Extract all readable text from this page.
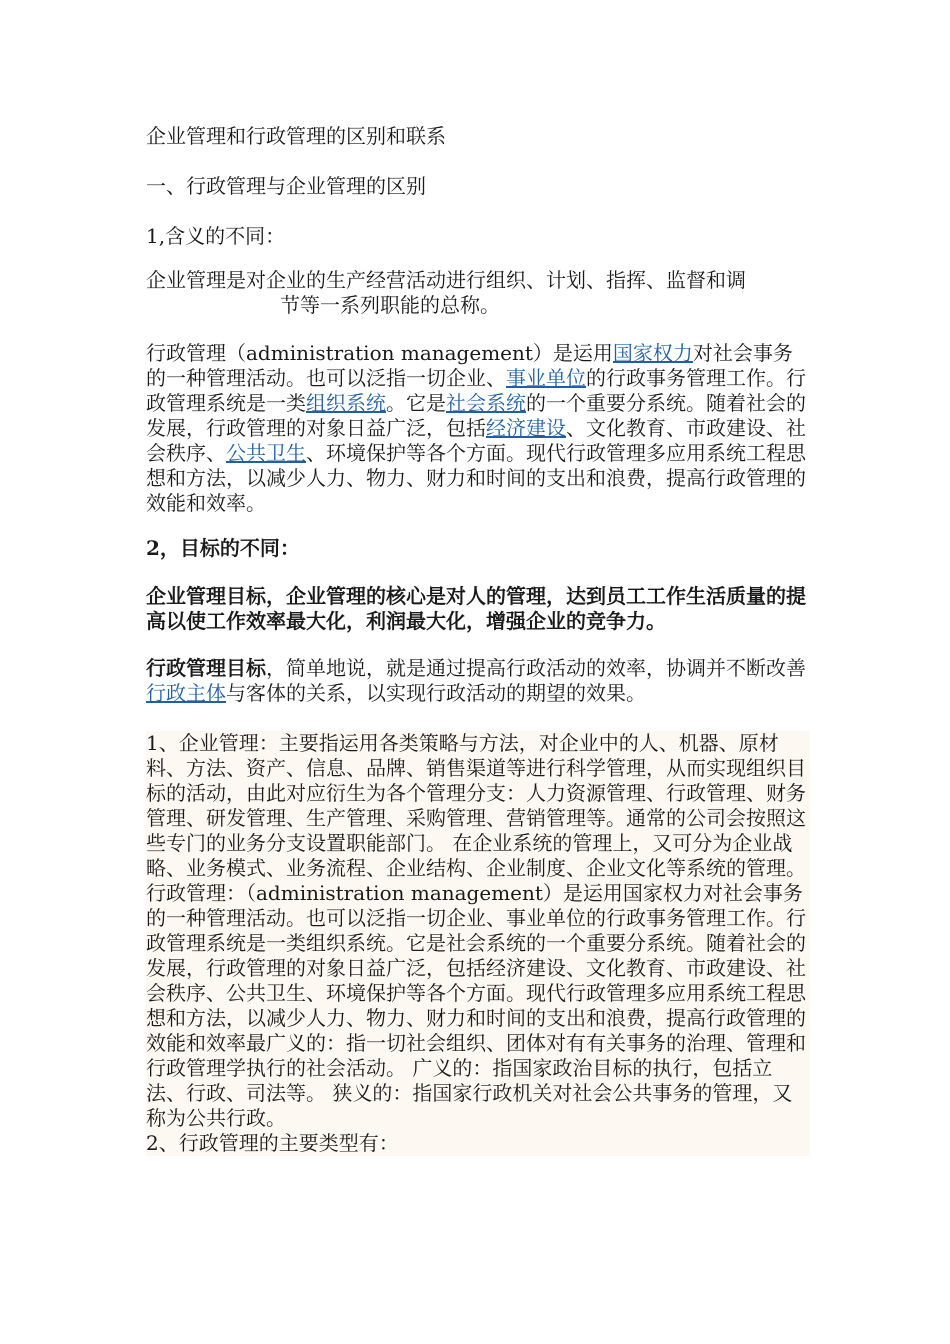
企业管理和行政管理的区别和联系

一、行政管理与企业管理的区别

1,含义的不同：

企业管理是对企业的生产经营活动进行组织、计划、指挥、监督和调

节等一系列职能的总称。

行政管理（administration management）是运用国家权力对社会事务的一种管理活动。也可以泛指一切企业、事业单位的行政事务管理工作。行政管理系统是一类组织系统。它是社会系统的一个重要分系统。随着社会的发展，行政管理的对象日益广泛，包括经济建设、文化教育、市政建设、社会秩序、公共卫生、环境保护等各个方面。现代行政管理多应用系统工程思想和方法，以减少人力、物力、财力和时间的支出和浪费，提高行政管理的效能和效率。

2，目标的不同：

企业管理目标，企业管理的核心是对人的管理，达到员工工作生活质量的提高以使工作效率最大化，利润最大化，增强企业的竞争力。

行政管理目标，简单地说，就是通过提高行政活动的效率，协调并不断改善行政主体与客体的关系，以实现行政活动的期望的效果。

1、企业管理：主要指运用各类策略与方法，对企业中的人、机器、原材料、方法、资产、信息、品牌、销售渠道等进行科学管理，从而实现组织目标的活动，由此对应衍生为各个管理分支：人力资源管理、行政管理、财务管理、研发管理、生产管理、采购管理、营销管理等。通常的公司会按照这些专门的业务分支设置职能部门。 在企业系统的管理上，又可分为企业战略、业务模式、业务流程、企业结构、企业制度、企业文化等系统的管理。

行政管理：（administration management）是运用国家权力对社会事务的一种管理活动。也可以泛指一切企业、事业单位的行政事务管理工作。行政管理系统是一类组织系统。它是社会系统的一个重要分系统。随着社会的发展，行政管理的对象日益广泛，包括经济建设、文化教育、市政建设、社会秩序、公共卫生、环境保护等各个方面。现代行政管理多应用系统工程思想和方法，以减少人力、物力、财力和时间的支出和浪费，提高行政管理的效能和效率最广义的：指一切社会组织、团体对有有关事务的治理、管理和 行政管理学执行的社会活动。 广义的：指国家政治目标的执行，包括立法、行政、司法等。 狭义的：指国家行政机关对社会公共事务的管理，又称为公共行政。

2、行政管理的主要类型有：
